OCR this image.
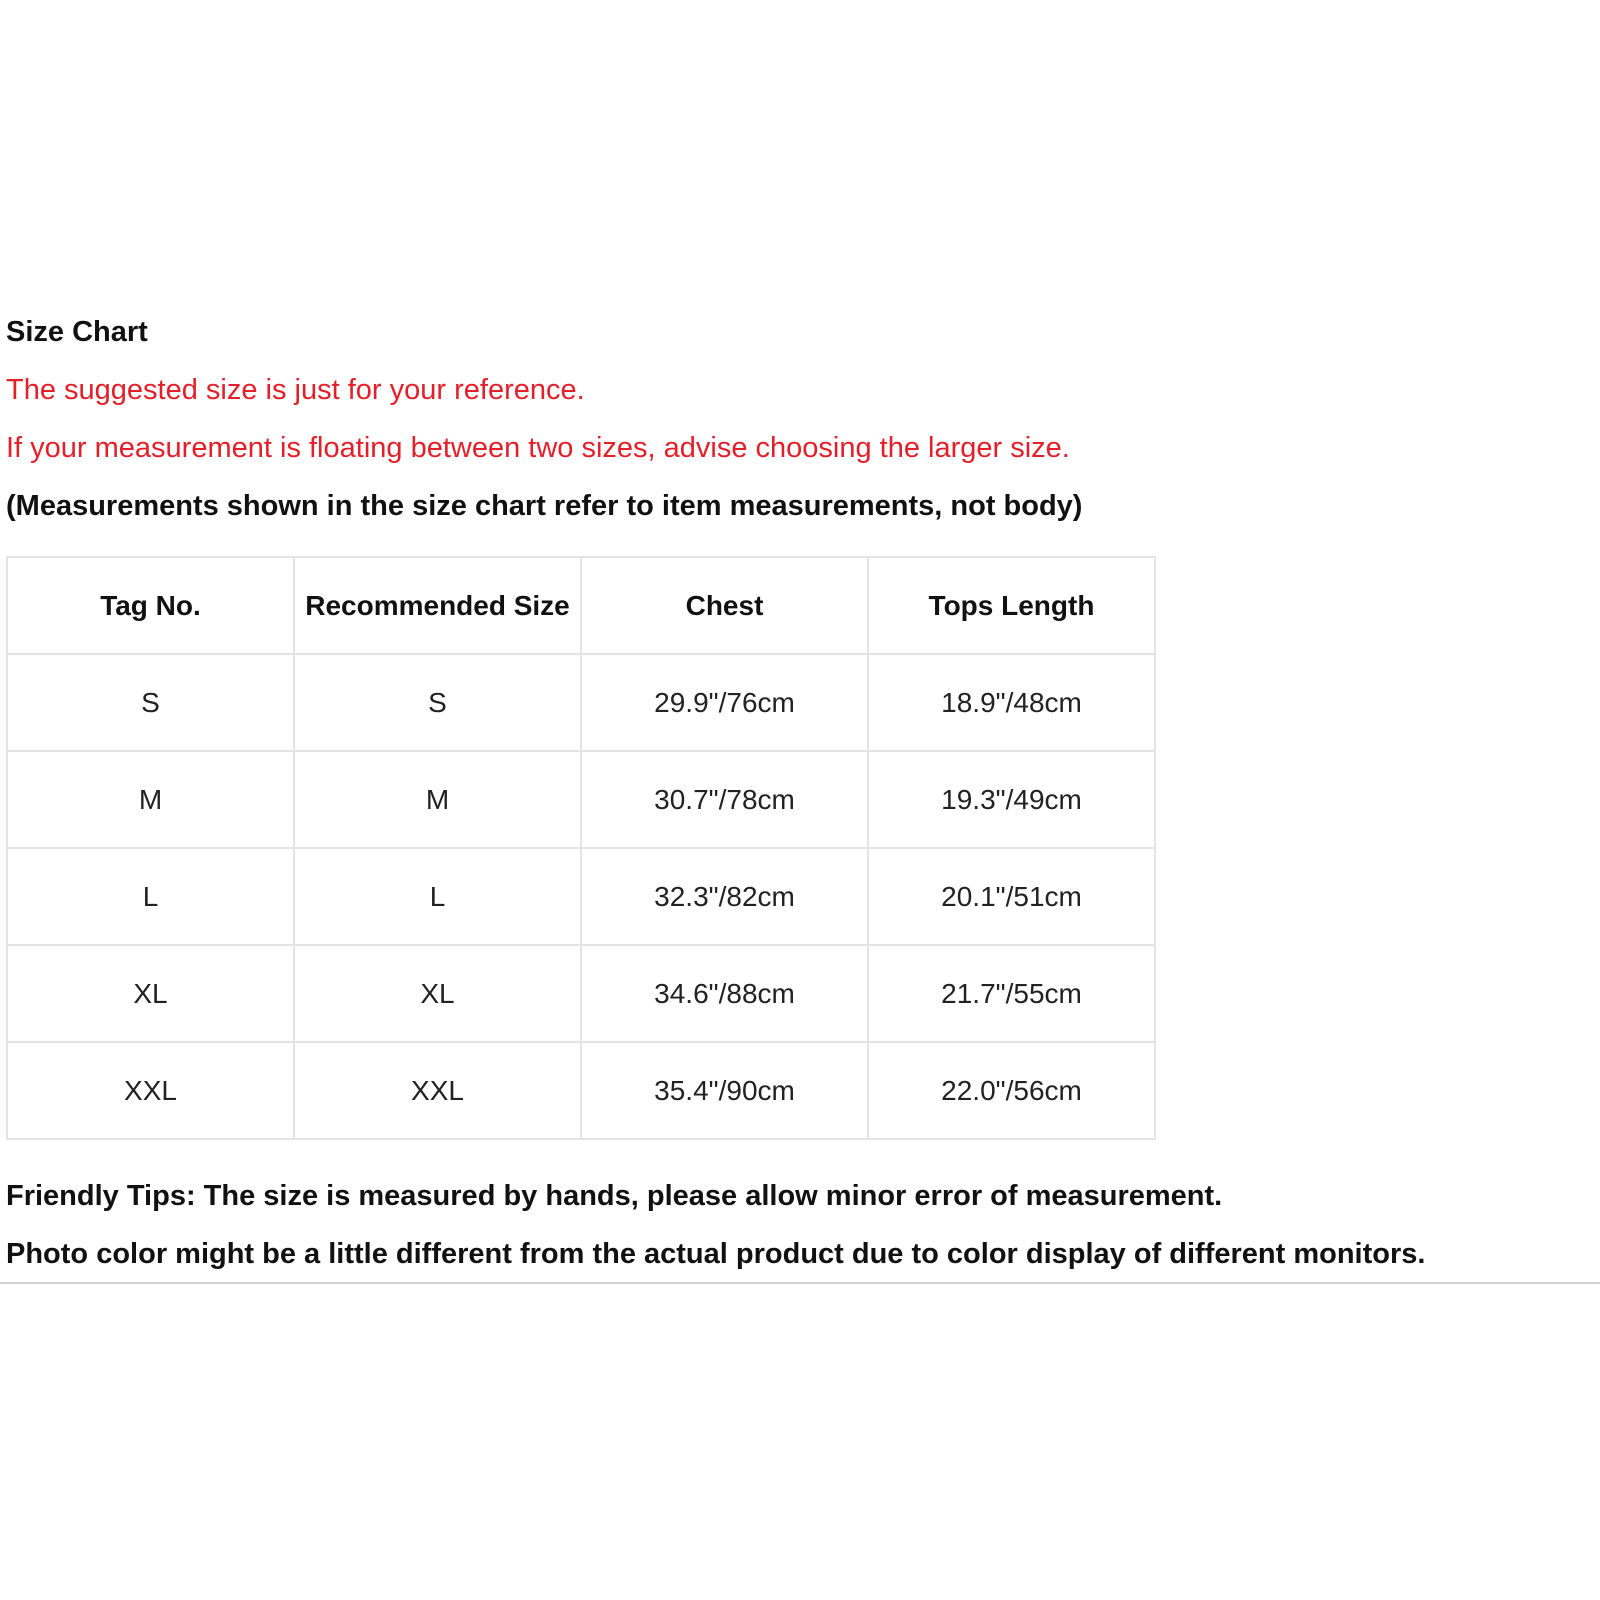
Size Chart
The suggested size is just for your reference.
If your measurement is floating between two sizes, advise choosing the larger size.
(Measurements shown in the size chart refer to item measurements, not body)
Tag No.	Recommended Size	Chest	Tops Length
S	S	29.9"/76cm	18.9"/48cm
M	M	30.7"/78cm	19.3"/49cm
L	L	32.3"/82cm	20.1"/51cm
XL	XL	34.6"/88cm	21.7"/55cm
XXL	XXL	35.4"/90cm	22.0"/56cm
Friendly Tips: The size is measured by hands, please allow minor error of measurement.
Photo color might be a little different from the actual product due to color display of different monitors.
